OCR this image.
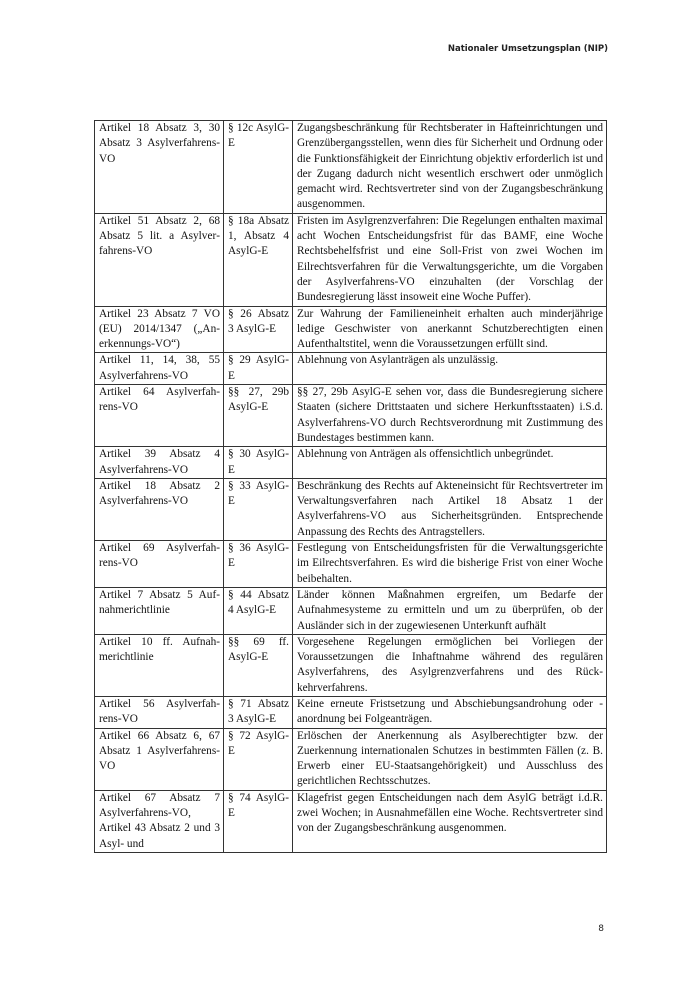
Nationaler Umsetzungsplan (NIP)
Artikel 18 Absatz 3, 30 Absatz 3 Asylverfahrens-VO	§ 12c AsylG-E	Zugangsbeschränkung für Rechtsberater in Hafteinrichtungen und Grenzübergangsstellen, wenn dies für Sicherheit und Ordnung oder die Funktionsfähigkeit der Einrichtung objektiv erforderlich ist und der Zugang dadurch nicht wesentlich erschwert oder unmöglich gemacht wird. Rechtsvertreter sind von der Zugangsbeschränkung ausgenommen.
Artikel 51 Absatz 2, 68 Absatz 5 lit. a Asylverfahrens-VO	§ 18a Absatz 1, Absatz 4 AsylG-E	Fristen im Asylgrenzverfahren: Die Regelungen enthalten maximal acht Wochen Entscheidungsfrist für das BAMF, eine Woche Rechtsbehelfsfrist und eine Soll-Frist von zwei Wochen im Eilrechtsverfahren für die Verwaltungsgerichte, um die Vorgaben der Asylverfahrens-VO einzuhalten (der Vorschlag der Bundesregierung lässt insoweit eine Woche Puffer).
Artikel 23 Absatz 7 VO (EU) 2014/1347 („Anerkennungs-VO“)	§ 26 Absatz 3 AsylG-E	Zur Wahrung der Familieneinheit erhalten auch minderjährige ledige Geschwister von anerkannt Schutzberechtigten einen Aufenthaltstitel, wenn die Voraussetzungen erfüllt sind.
Artikel 11, 14, 38, 55 Asylverfahrens-VO	§ 29 AsylG-E	Ablehnung von Asylanträgen als unzulässig.
Artikel 64 Asylverfahrens-VO	§§ 27, 29b AsylG-E	§§ 27, 29b AsylG-E sehen vor, dass die Bundesregierung sichere Staaten (sichere Drittstaaten und sichere Herkunftsstaaten) i.S.d. Asylverfahrens-VO durch Rechtsverordnung mit Zustimmung des Bundestages bestimmen kann.
Artikel 39 Absatz 4 Asylverfahrens-VO	§ 30 AsylG-E	Ablehnung von Anträgen als offensichtlich unbegründet.
Artikel 18 Absatz 2 Asylverfahrens-VO	§ 33 AsylG-E	Beschränkung des Rechts auf Akteneinsicht für Rechtsvertreter im Verwaltungsverfahren nach Artikel 18 Absatz 1 der Asylverfahrens-VO aus Sicherheitsgründen. Entsprechende Anpassung des Rechts des Antragstellers.
Artikel 69 Asylverfahrens-VO	§ 36 AsylG-E	Festlegung von Entscheidungsfristen für die Verwaltungsgerichte im Eilrechtsverfahren. Es wird die bisherige Frist von einer Woche beibehalten.
Artikel 7 Absatz 5 Aufnahmerichtlinie	§ 44 Absatz 4 AsylG-E	Länder können Maßnahmen ergreifen, um Bedarfe der Aufnahmesysteme zu ermitteln und um zu überprüfen, ob der Ausländer sich in der zugewiesenen Unterkunft aufhält
Artikel 10 ff. Aufnahmerichtlinie	§§ 69 ff. AsylG-E	Vorgesehene Regelungen ermöglichen bei Vorliegen der Voraussetzungen die Inhaftnahme während des regulären Asylverfahrens, des Asylgrenzverfahrens und des Rückkehrverfahrens.
Artikel 56 Asylverfahrens-VO	§ 71 Absatz 3 AsylG-E	Keine erneute Fristsetzung und Abschiebungsandrohung oder -anordnung bei Folgeanträgen.
Artikel 66 Absatz 6, 67 Absatz 1 Asylverfahrens-VO	§ 72 AsylG-E	Erlöschen der Anerkennung als Asylberechtigter bzw. der Zuerkennung internationalen Schutzes in bestimmten Fällen (z. B. Erwerb einer EU-Staatsangehörigkeit) und Ausschluss des gerichtlichen Rechtsschutzes.
Artikel 67 Absatz 7 Asylverfahrens-VO, Artikel 43 Absatz 2 und 3 Asyl- und	§ 74 AsylG-E	Klagefrist gegen Entscheidungen nach dem AsylG beträgt i.d.R. zwei Wochen; in Ausnahmefällen eine Woche. Rechtsvertreter sind von der Zugangsbeschränkung ausgenommen.
8
